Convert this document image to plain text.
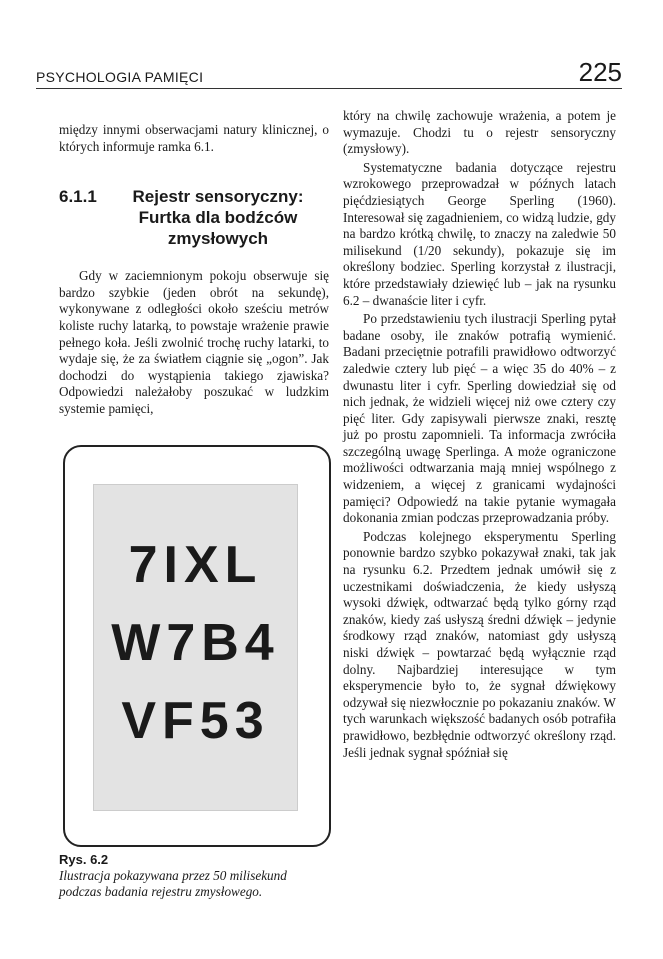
PSYCHOLOGIA PAMIĘCI	225

między innymi obserwacjami natury klinicznej, o których informuje ramka 6.1.

6.1.1	Rejestr sensoryczny: Furtka dla bodźców zmysłowych

Gdy w zaciemnionym pokoju obserwuje się bardzo szybkie (jeden obrót na sekundę), wykonywane z odległości około sześciu metrów koliste ruchy latarką, to powstaje wrażenie prawie pełnego koła. Jeśli zwolnić trochę ruchy latarki, to wydaje się, że za światłem ciągnie się „ogon”. Jak dochodzi do wystąpienia takiego zjawiska? Odpowiedzi należałoby poszukać w ludzkim systemie pamięci,

7IXL
W7B4
VF53
Rys. 6.2
Ilustracja pokazywana przez 50 milisekund podczas badania rejestru zmysłowego.

który na chwilę zachowuje wrażenia, a potem je wymazuje. Chodzi tu o rejestr sensoryczny (zmysłowy).

Systematyczne badania dotyczące rejestru wzrokowego przeprowadzał w późnych latach pięćdziesiątych George Sperling (1960). Interesował się zagadnieniem, co widzą ludzie, gdy na bardzo krótką chwilę, to znaczy na zaledwie 50 milisekund (1/20 sekundy), pokazuje się im określony bodziec. Sperling korzystał z ilustracji, które przedstawiały dziewięć lub – jak na rysunku 6.2 – dwanaście liter i cyfr.

Po przedstawieniu tych ilustracji Sperling pytał badane osoby, ile znaków potrafią wymienić. Badani przeciętnie potrafili prawidłowo odtworzyć zaledwie cztery lub pięć – a więc 35 do 40% – z dwunastu liter i cyfr. Sperling dowiedział się od nich jednak, że widzieli więcej niż owe cztery czy pięć liter. Gdy zapisywali pierwsze znaki, resztę już po prostu zapomnieli. Ta informacja zwróciła szczególną uwagę Sperlinga. A może ograniczone możliwości odtwarzania mają mniej wspólnego z widzeniem, a więcej z granicami wydajności pamięci? Odpowiedź na takie pytanie wymagała dokonania zmian podczas przeprowadzania próby.

Podczas kolejnego eksperymentu Sperling ponownie bardzo szybko pokazywał znaki, tak jak na rysunku 6.2. Przedtem jednak umówił się z uczestnikami doświadczenia, że kiedy usłyszą wysoki dźwięk, odtwarzać będą tylko górny rząd znaków, kiedy zaś usłyszą średni dźwięk – jedynie środkowy rząd znaków, natomiast gdy usłyszą niski dźwięk – powtarzać będą wyłącznie rząd dolny. Najbardziej interesujące w tym eksperymencie było to, że sygnał dźwiękowy odzywał się niezwłocznie po pokazaniu znaków. W tych warunkach większość badanych osób potrafiła prawidłowo, bezbłędnie odtworzyć określony rząd. Jeśli jednak sygnał spóźniał się
